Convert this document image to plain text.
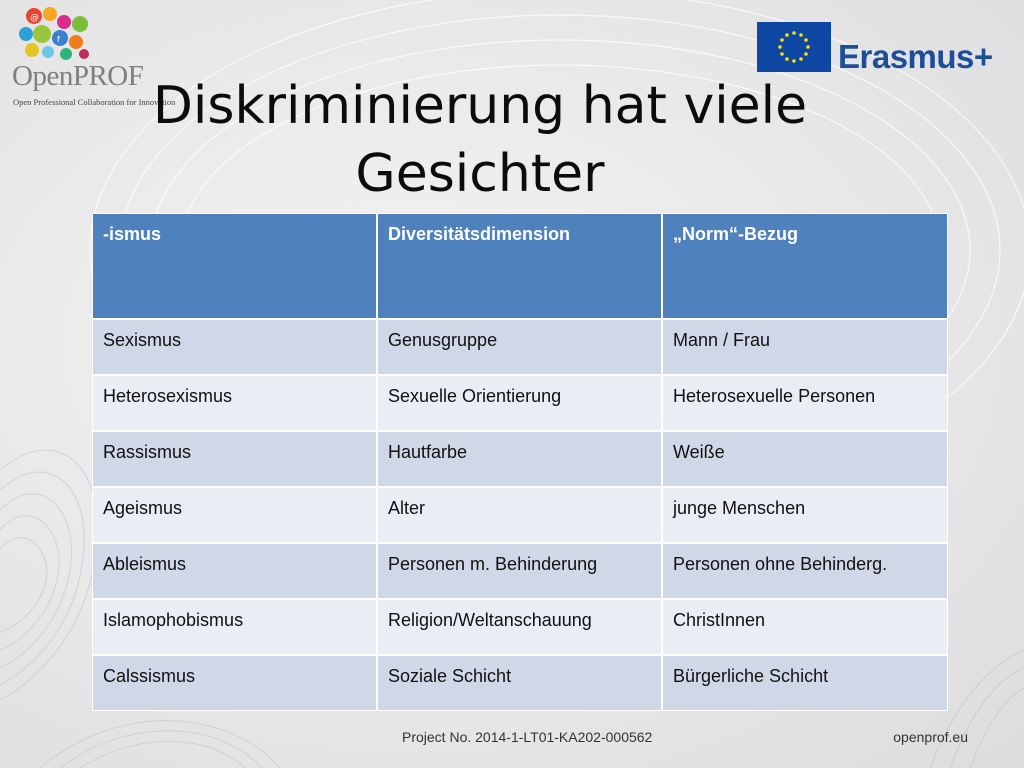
@
f
OpenPROF
Open Professional Collaboration for Innovation
Erasmus+
Diskriminierung hat viele
Gesichter
-ismus	Diversitätsdimension	„Norm“-Bezug
Sexismus	Genusgruppe	Mann / Frau
Heterosexismus	Sexuelle Orientierung	Heterosexuelle Personen
Rassismus	Hautfarbe	Weiße
Ageismus	Alter	junge Menschen
Ableismus	Personen m. Behinderung	Personen ohne Behinderg.
Islamophobismus	Religion/Weltanschauung	ChristInnen
Calssismus	Soziale Schicht	Bürgerliche Schicht
Project No. 2014-1-LT01-KA202-000562	openprof.eu
